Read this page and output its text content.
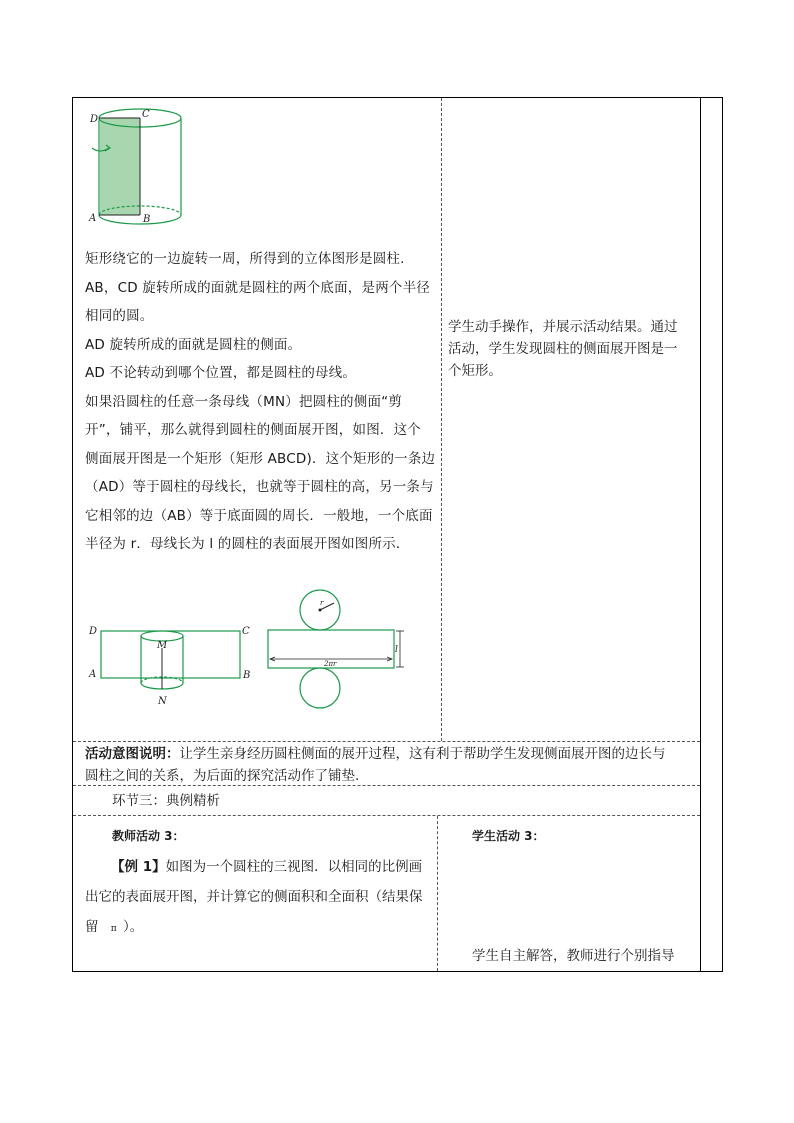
D	C
A	B

矩形绕它的一边旋转一周，所得到的立体图形是圆柱.

AB，CD 旋转所成的面就是圆柱的两个底面，是两个半径

相同的圆。

AD 旋转所成的面就是圆柱的侧面。

AD 不论转动到哪个位置，都是圆柱的母线。

如果沿圆柱的任意一条母线（MN）把圆柱的侧面“剪

开”，铺平，那么就得到圆柱的侧面展开图，如图．这个

侧面展开图是一个矩形（矩形 ABCD)．这个矩形的一条边

（AD）等于圆柱的母线长，也就等于圆柱的高，另一条与

它相邻的边（AB）等于底面圆的周长．一般地，一个底面

半径为 r．母线长为 l 的圆柱的表面展开图如图所示．

学生动手操作，并展示活动结果。通过

活动，学生发现圆柱的侧面展开图是一

个矩形。

D	C
A	B
M
N
r
2πr
l
活动意图说明：让学生亲身经历圆柱侧面的展开过程，这有利于帮助学生发现侧面展开图的边长与
圆柱之间的关系，为后面的探究活动作了铺垫.
环节三：典例精析
教师活动 3：
【例 1】如图为一个圆柱的三视图．以相同的比例画
出它的表面展开图，并计算它的侧面积和全面积（结果保
留 π ）。
学生活动 3：
学生自主解答，教师进行个别指导
